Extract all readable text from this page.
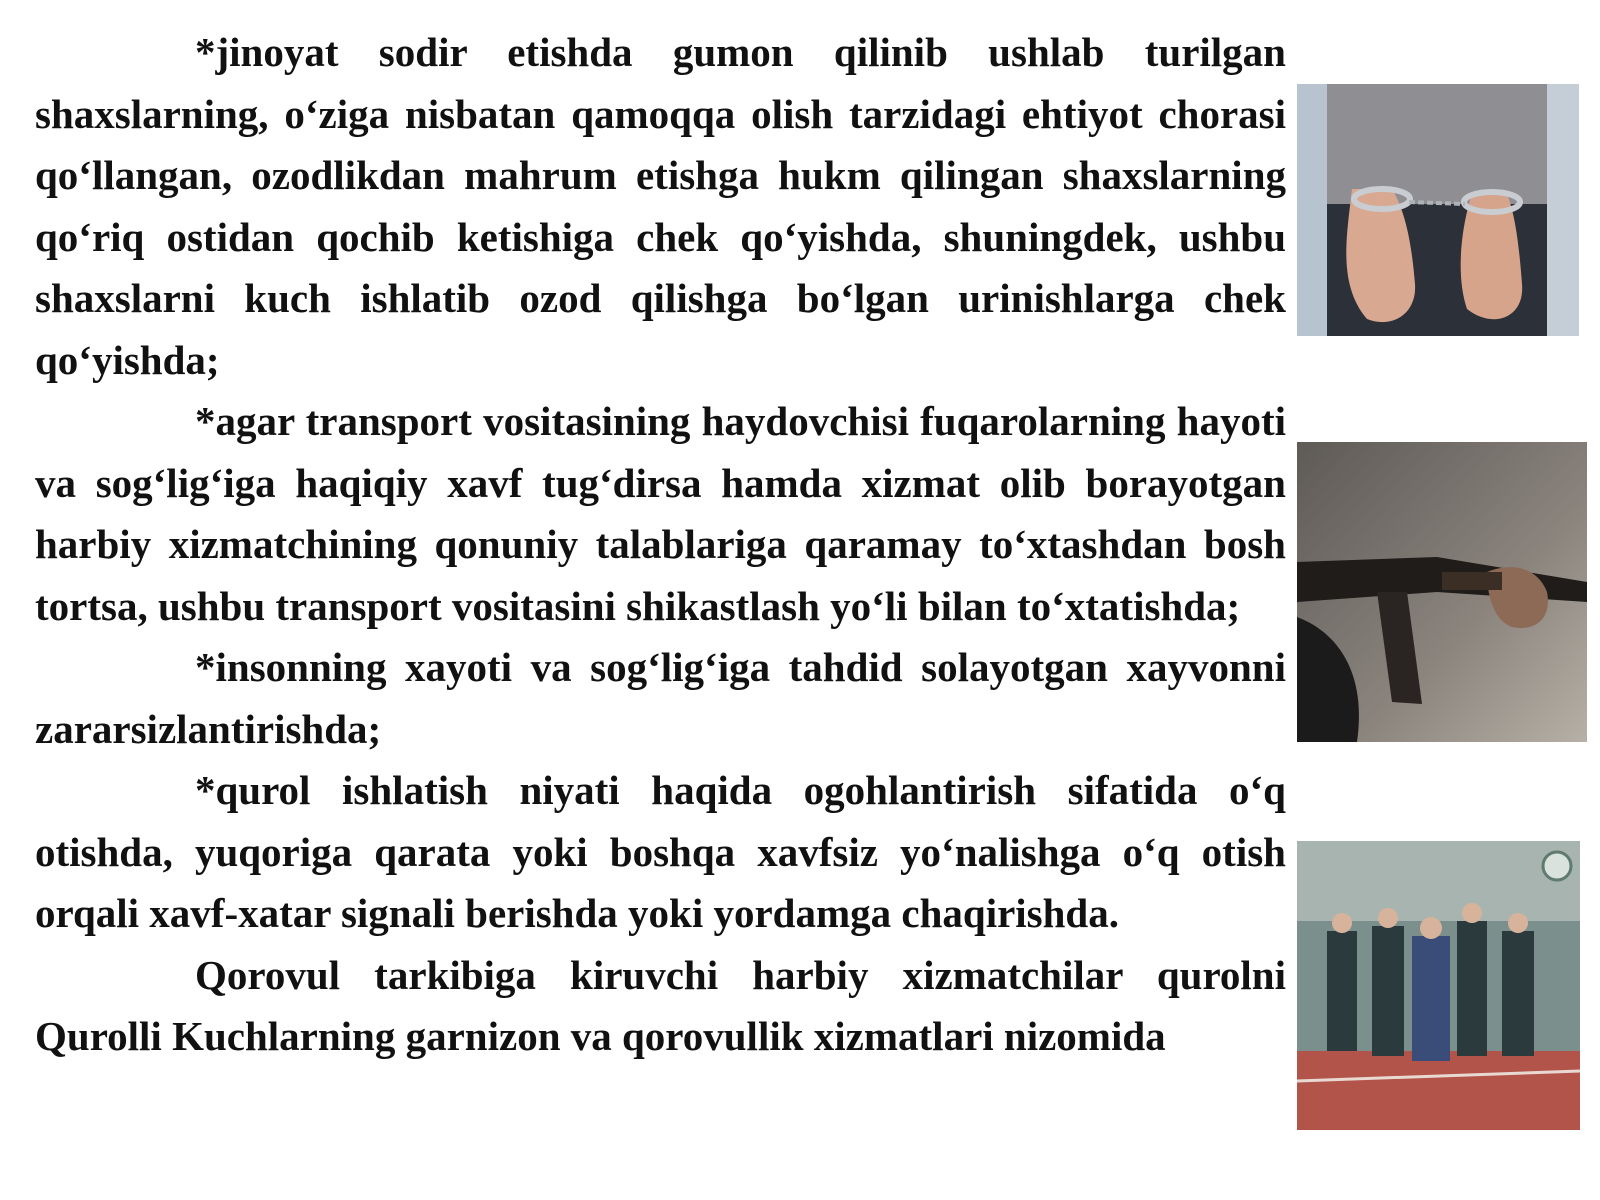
*jinoyat sodir etishda gumon qilinib ushlab turilgan shaxslarning, o‘ziga nisbatan qamoqqa olish tarzidagi ehtiyot chorasi qo‘llangan, ozodlikdan mahrum etishga hukm qilingan shaxslarning qo‘riq ostidan qochib ketishiga chek qo‘yishda, shuningdek, ushbu shaxslarni kuch ishlatib ozod qilishga bo‘lgan urinishlarga chek qo‘yishda;

*agar transport vositasining haydovchisi fuqarolarning hayoti va sog‘lig‘iga haqiqiy xavf tug‘dirsa hamda xizmat olib borayotgan harbiy xizmatchining qonuniy talablariga qaramay to‘xtashdan bosh tortsa, ushbu transport vositasini shikastlash yo‘li bilan to‘xtatishda;

*insonning xayoti va sog‘lig‘iga tahdid solayotgan xayvonni zararsizlantirishda;

*qurol ishlatish niyati haqida ogohlantirish sifatida o‘q otishda, yuqoriga qarata yoki boshqa xavfsiz yo‘nalishga o‘q otish orqali xavf-xatar signali berishda yoki yordamga chaqirishda.

Qorovul tarkibiga kiruvchi harbiy xizmatchilar qurolni Qurolli Kuchlarning garnizon va qorovullik xizmatlari nizomida
